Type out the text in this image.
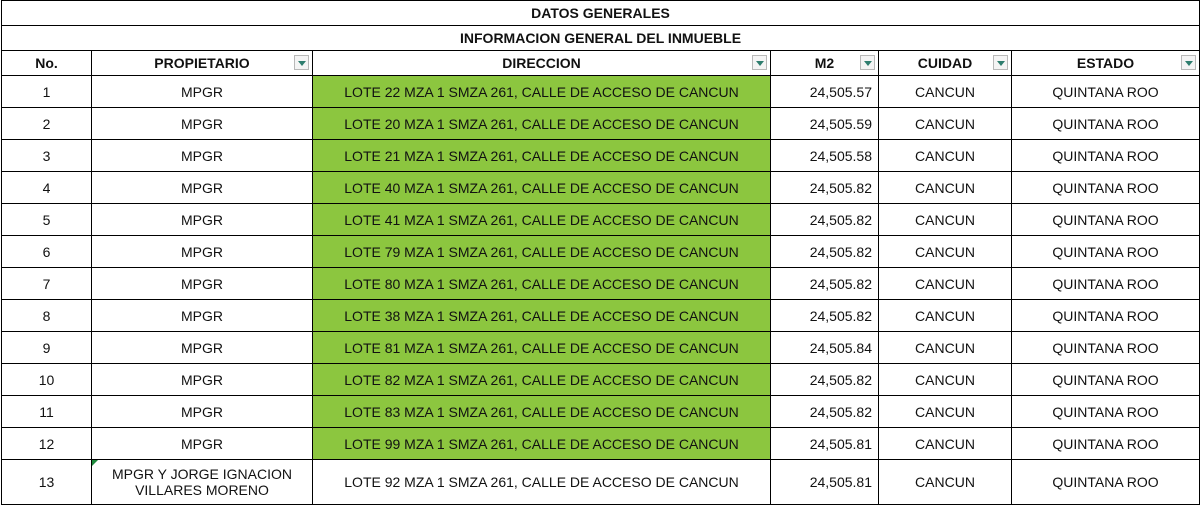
DATOS GENERALES					
INFORMACION GENERAL DEL INMUEBLE					
No.	PROPIETARIO	DIRECCION	M2	CUIDAD	ESTADO

1	MPGR	LOTE 22 MZA 1 SMZA 261, CALLE DE ACCESO DE CANCUN	24,505.57	CANCUN	QUINTANA ROO
2	MPGR	LOTE 20 MZA 1 SMZA 261, CALLE DE ACCESO DE CANCUN	24,505.59	CANCUN	QUINTANA ROO
3	MPGR	LOTE 21 MZA 1 SMZA 261, CALLE DE ACCESO DE CANCUN	24,505.58	CANCUN	QUINTANA ROO
4	MPGR	LOTE 40 MZA 1 SMZA 261, CALLE DE ACCESO DE CANCUN	24,505.82	CANCUN	QUINTANA ROO
5	MPGR	LOTE 41 MZA 1 SMZA 261, CALLE DE ACCESO DE CANCUN	24,505.82	CANCUN	QUINTANA ROO
6	MPGR	LOTE 79 MZA 1 SMZA 261, CALLE DE ACCESO DE CANCUN	24,505.82	CANCUN	QUINTANA ROO
7	MPGR	LOTE 80 MZA 1 SMZA 261, CALLE DE ACCESO DE CANCUN	24,505.82	CANCUN	QUINTANA ROO
8	MPGR	LOTE 38 MZA 1 SMZA 261, CALLE DE ACCESO DE CANCUN	24,505.82	CANCUN	QUINTANA ROO
9	MPGR	LOTE 81 MZA 1 SMZA 261, CALLE DE ACCESO DE CANCUN	24,505.84	CANCUN	QUINTANA ROO
10	MPGR	LOTE 82 MZA 1 SMZA 261, CALLE DE ACCESO DE CANCUN	24,505.82	CANCUN	QUINTANA ROO
11	MPGR	LOTE 83 MZA 1 SMZA 261, CALLE DE ACCESO DE CANCUN	24,505.82	CANCUN	QUINTANA ROO
12	MPGR	LOTE 99 MZA 1 SMZA 261, CALLE DE ACCESO DE CANCUN	24,505.81	CANCUN	QUINTANA ROO
13	MPGR Y JORGE IGNACION VILLARES MORENO	LOTE 92 MZA 1 SMZA 261, CALLE DE ACCESO DE CANCUN	24,505.81	CANCUN	QUINTANA ROO
